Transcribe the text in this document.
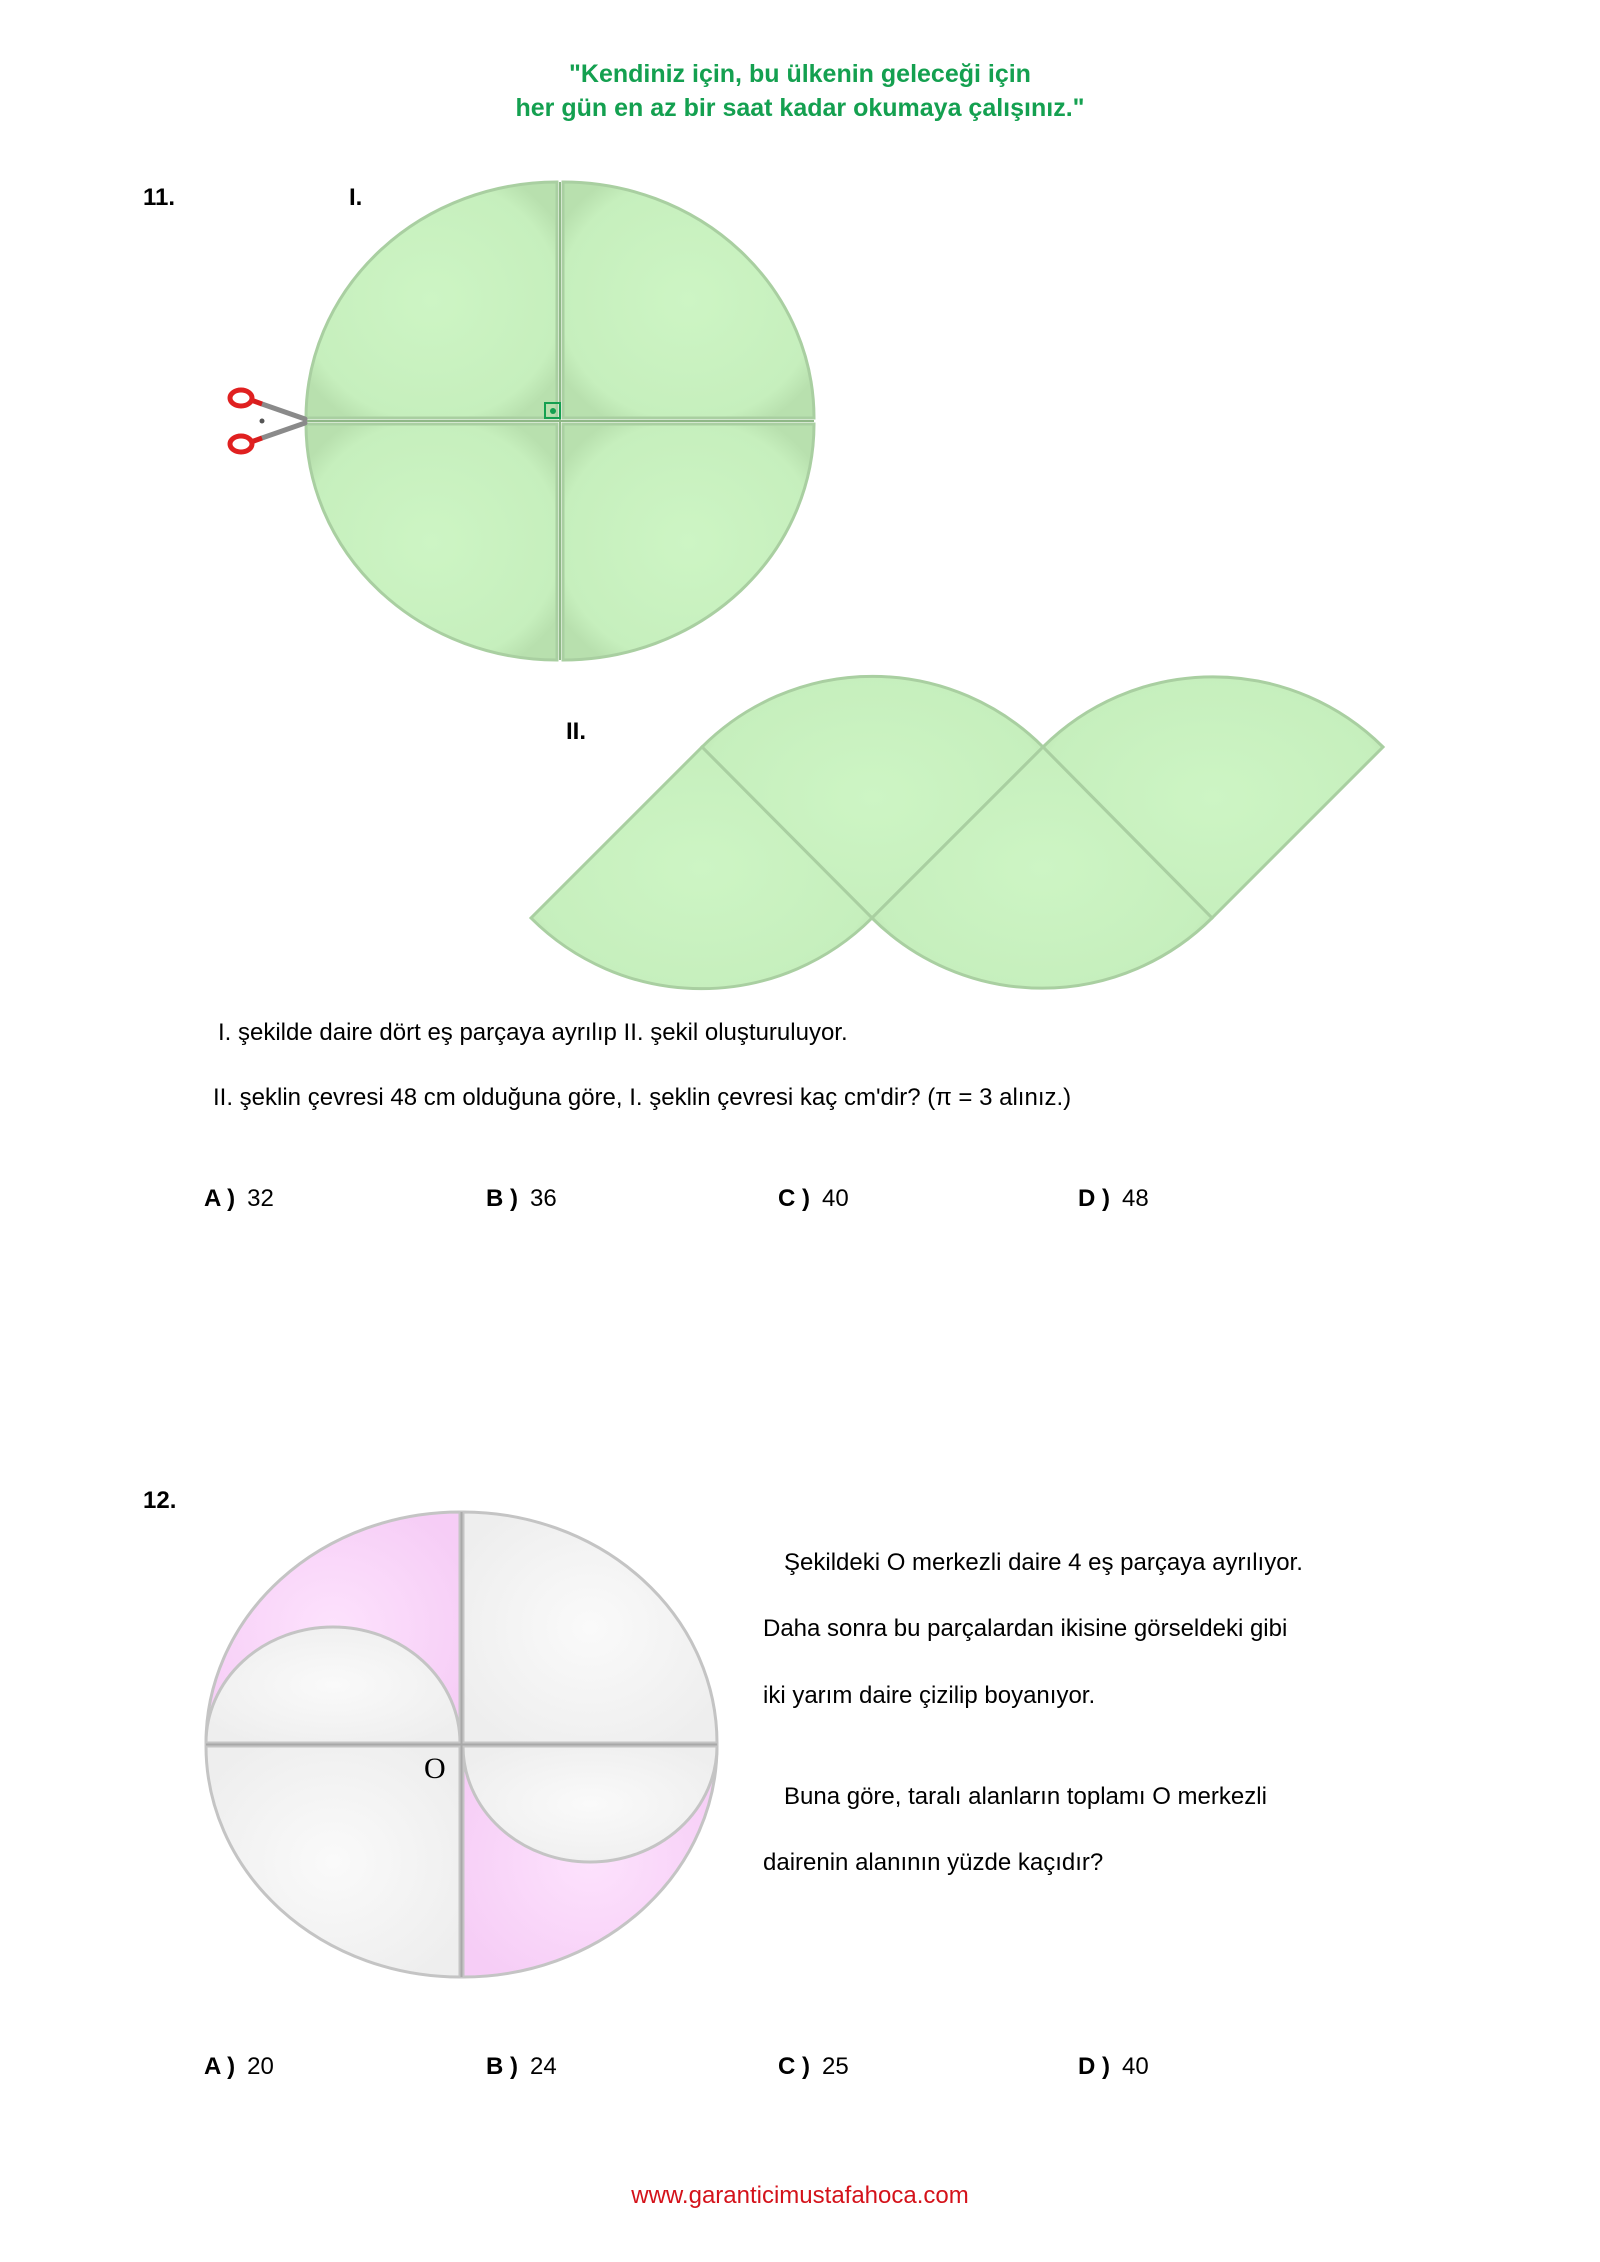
"Kendiniz için, bu ülkenin geleceği için
her gün en az bir saat kadar okumaya çalışınız."
11.	I.
II.
I. şekilde daire dört eş parçaya ayrılıp II. şekil oluşturuluyor.
II. şeklin çevresi 48 cm olduğuna göre, I. şeklin çevresi kaç cm'dir? (π = 3 alınız.)
A ) 32	B ) 36	C ) 40	D ) 48
12.
O
Şekildeki O merkezli daire 4 eş parçaya ayrılıyor.
Daha sonra bu parçalardan ikisine görseldeki gibi
iki yarım daire çizilip boyanıyor.
Buna göre, taralı alanların toplamı O merkezli
dairenin alanının yüzde kaçıdır?
A ) 20	B ) 24	C ) 25	D ) 40
www.garanticimustafahoca.com
